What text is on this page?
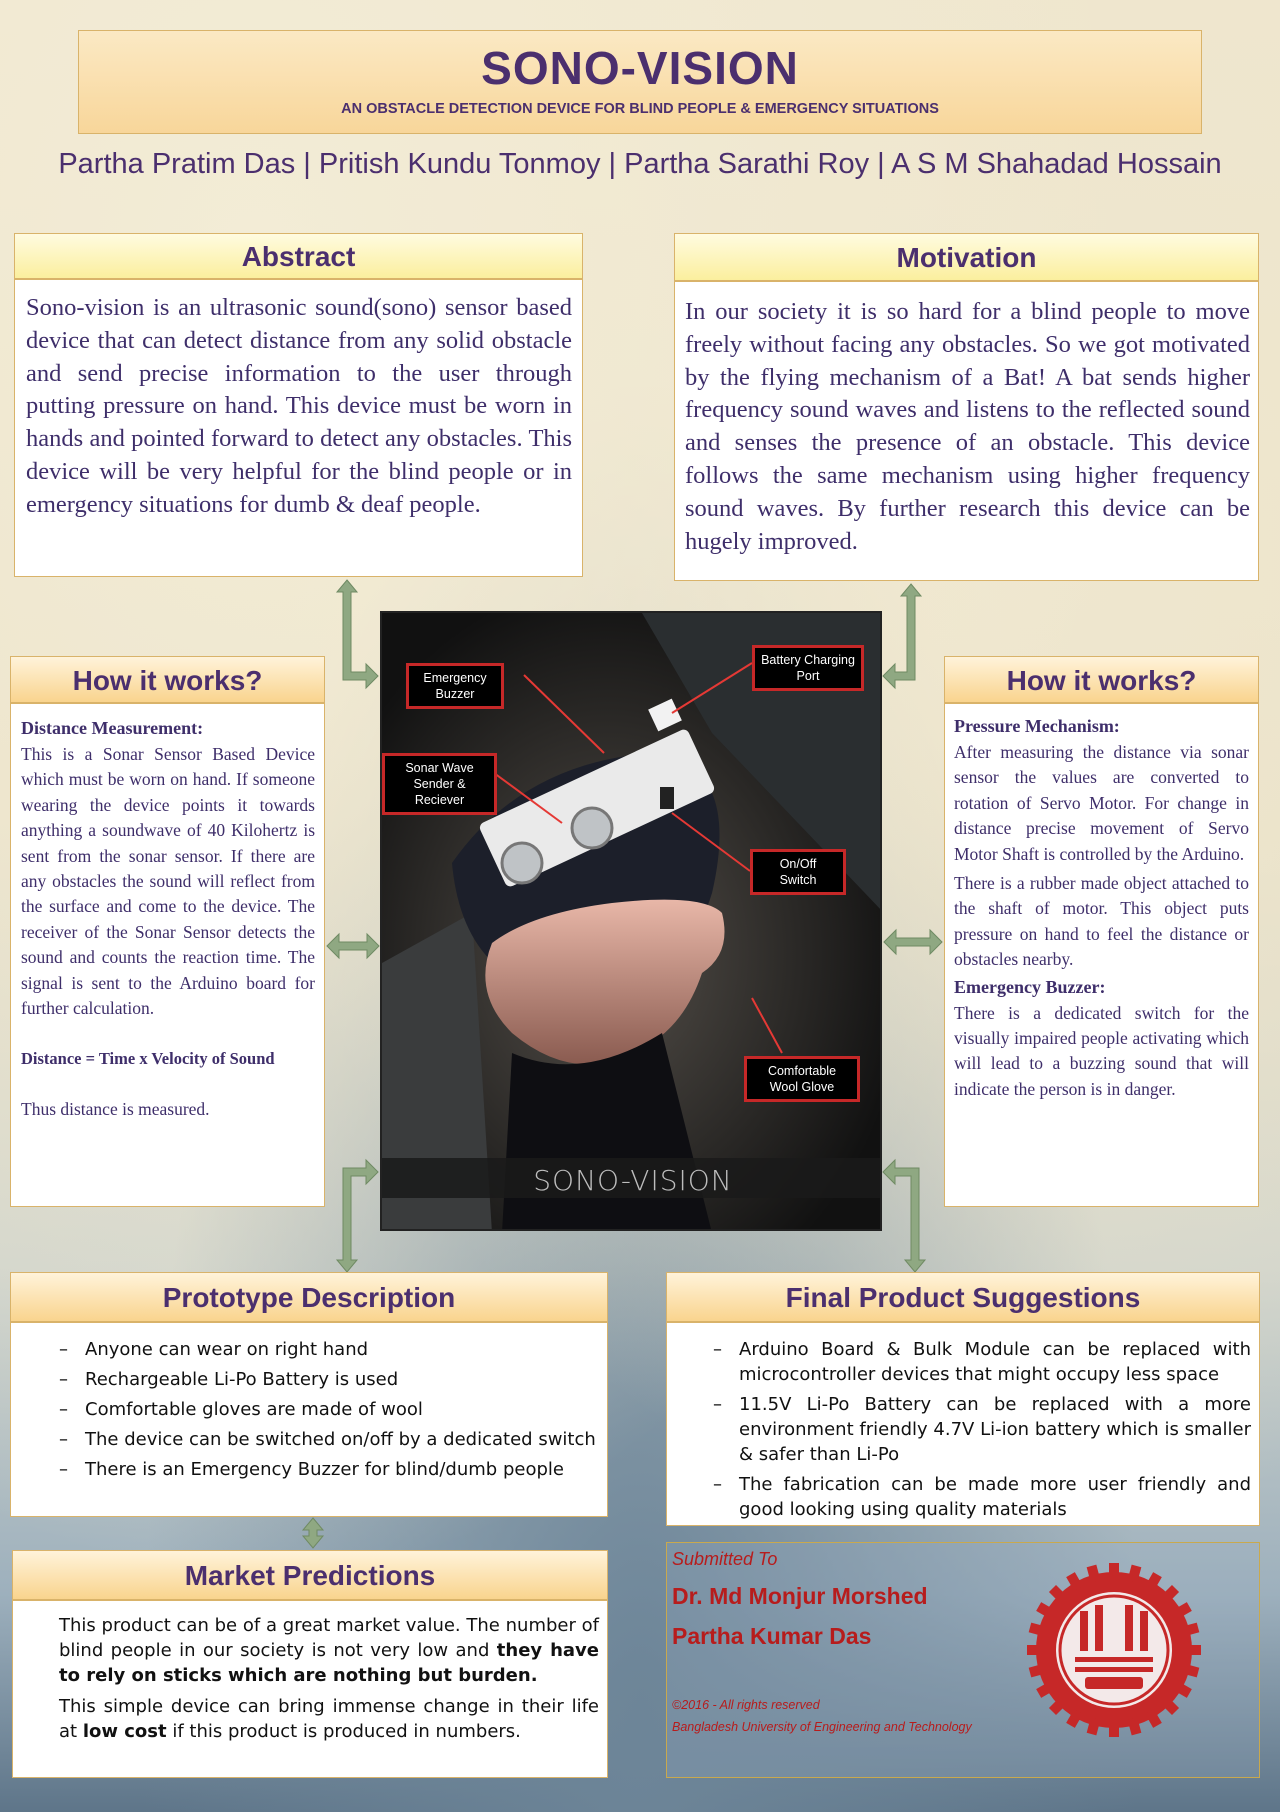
SONO-VISION
AN OBSTACLE DETECTION DEVICE FOR BLIND PEOPLE & EMERGENCY SITUATIONS
Partha Pratim Das | Pritish Kundu Tonmoy | Partha Sarathi Roy | A S M Shahadad Hossain
Abstract
Sono-vision is an ultrasonic sound(sono) sensor based device that can detect distance from any solid obstacle and send precise information to the user through putting pressure on hand. This device must be worn in hands and pointed forward to detect any obstacles. This device will be very helpful for the blind people or in emergency situations for dumb & deaf people.
Motivation
In our society it is so hard for a blind people to move freely without facing any obstacles. So we got motivated by the flying mechanism of a Bat! A bat sends higher frequency sound waves and listens to the reflected sound and senses the presence of an obstacle. This device follows the same mechanism using higher frequency sound waves. By further research this device can be hugely improved.
How it works?
Distance Measurement:
This is a Sonar Sensor Based Device which must be worn on hand. If someone wearing the device points it towards anything a soundwave of 40 Kilohertz is sent from the sonar sensor. If there are any obstacles the sound will reflect from the surface and come to the device. The receiver of the Sonar Sensor detects the sound and counts the reaction time. The signal is sent to the Arduino board for further calculation.
Distance = Time x Velocity of Sound
Thus distance is measured.
How it works?
Pressure Mechanism:
After measuring the distance via sonar sensor the values are converted to rotation of Servo Motor. For change in distance precise movement of Servo Motor Shaft is controlled by the Arduino.
There is a rubber made object attached to the shaft of motor. This object puts pressure on hand to feel the distance or obstacles nearby.
Emergency Buzzer:
There is a dedicated switch for the visually impaired people activating which will lead to a buzzing sound that will indicate the person is in danger.
Emergency
Buzzer
Battery Charging
Port
Sonar Wave
Sender & Reciever
On/Off
Switch
Comfortable
Wool Glove
SONO-VISION
Prototype Description
– Anyone can wear on right hand
– Rechargeable Li-Po Battery is used
– Comfortable gloves are made of wool
– The device can be switched on/off by a dedicated switch
– There is an Emergency Buzzer for blind/dumb people
Final Product Suggestions
– Arduino Board & Bulk Module can be replaced with microcontroller devices that might occupy less space
– 11.5V Li-Po Battery can be replaced with a more environment friendly 4.7V Li-ion battery which is smaller & safer than Li-Po
– The fabrication can be made more user friendly and good looking using quality materials
Market Predictions
This product can be of a great market value. The number of blind people in our society is not very low and they have to rely on sticks which are nothing but burden.
This simple device can bring immense change in their life at low cost if this product is produced in numbers.
Submitted To
Dr. Md Monjur Morshed
Partha Kumar Das
©2016 - All rights reserved
Bangladesh University of Engineering and Technology
